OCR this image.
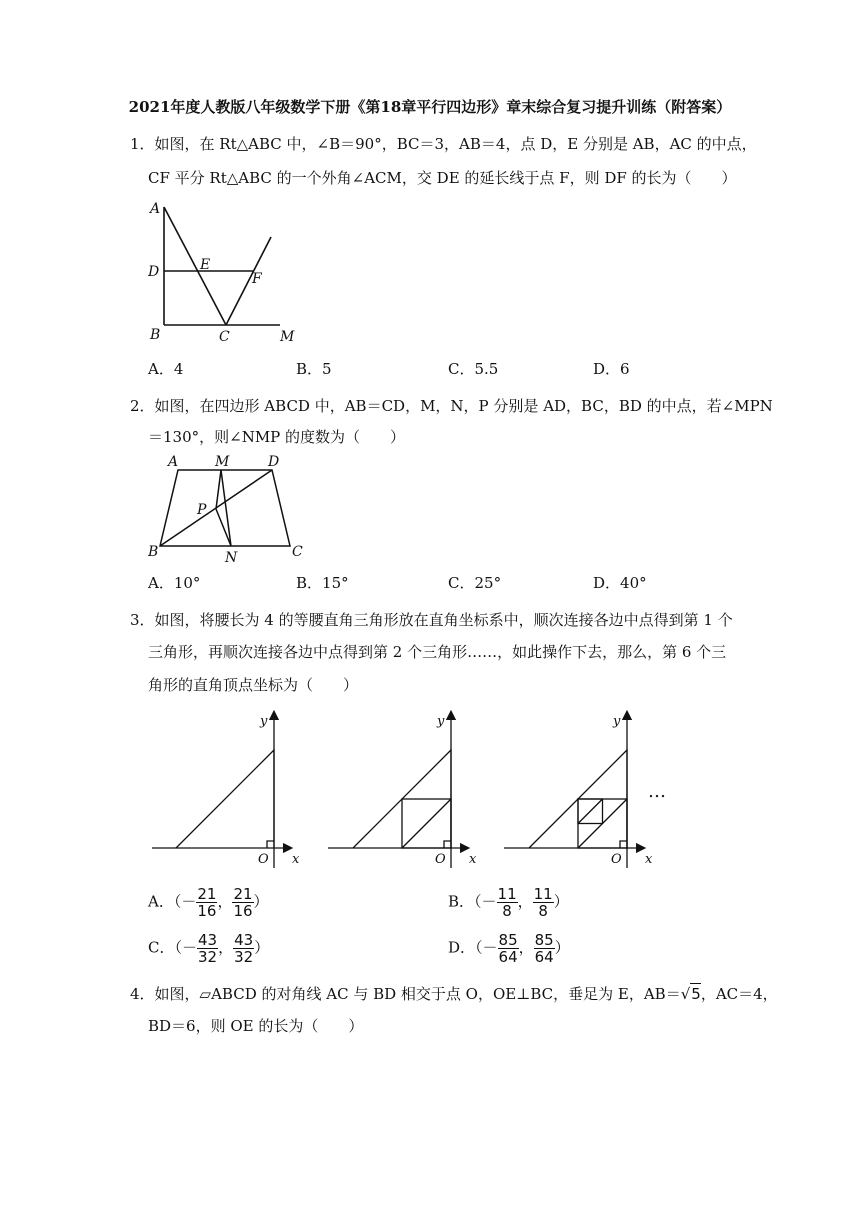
2021年度人教版八年级数学下册《第18章平行四边形》章末综合复习提升训练（附答案）
1．如图，在 Rt△ABC 中，∠B＝90°，BC＝3，AB＝4，点 D，E 分别是 AB，AC 的中点，
CF 平分 Rt△ABC 的一个外角∠ACM，交 DE 的延长线于点 F，则 DF 的长为（　　）
A
D	E
F
B	C	M
A．4	B．5	C．5.5	D．6
2．如图，在四边形 ABCD 中，AB＝CD，M，N，P 分别是 AD，BC，BD 的中点，若∠MPN
＝130°，则∠NMP 的度数为（　　）
A	M	D
P
B	N	C
A．10°	B．15°	C．25°	D．40°
3．如图，将腰长为 4 的等腰直角三角形放在直角坐标系中，顺次连接各边中点得到第 1 个
三角形，再顺次连接各边中点得到第 2 个三角形……，如此操作下去，那么，第 6 个三
角形的直角顶点坐标为（　　）
y
O x
y
O x
y
O x
…
A．（－ $\frac{21}{16}$ ， $\frac{21}{16}$ ）	B．（－ $\frac{11}{8}$ ， $\frac{11}{8}$ ）
C．（－ $\frac{43}{32}$ ， $\frac{43}{32}$ ）	D．（－ $\frac{85}{64}$ ， $\frac{85}{64}$ ）
4．如图，▱ABCD 的对角线 AC 与 BD 相交于点 O，OE⊥BC，垂足为 E，AB＝√5，AC＝4，
BD＝6，则 OE 的长为（　　）
